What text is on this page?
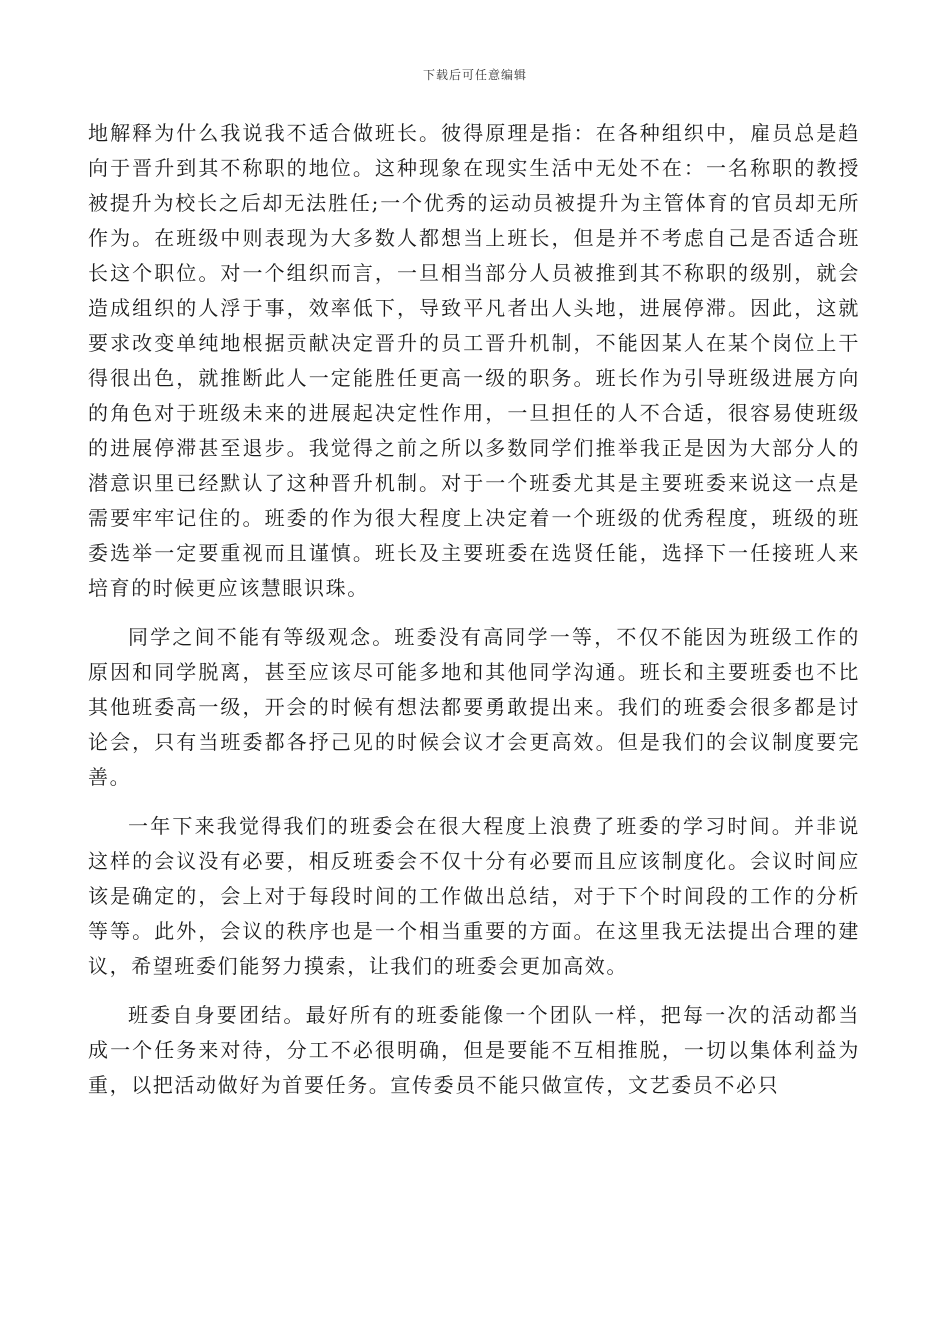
下载后可任意编辑

地解释为什么我说我不适合做班长。彼得原理是指：在各种组织中，雇员总是趋向于晋升到其不称职的地位。这种现象在现实生活中无处不在：一名称职的教授被提升为校长之后却无法胜任;一个优秀的运动员被提升为主管体育的官员却无所作为。在班级中则表现为大多数人都想当上班长，但是并不考虑自己是否适合班长这个职位。对一个组织而言，一旦相当部分人员被推到其不称职的级别，就会造成组织的人浮于事，效率低下，导致平凡者出人头地，进展停滞。因此，这就要求改变单纯地根据贡献决定晋升的员工晋升机制，不能因某人在某个岗位上干得很出色，就推断此人一定能胜任更高一级的职务。班长作为引导班级进展方向的角色对于班级未来的进展起决定性作用，一旦担任的人不合适，很容易使班级的进展停滞甚至退步。我觉得之前之所以多数同学们推举我正是因为大部分人的潜意识里已经默认了这种晋升机制。对于一个班委尤其是主要班委来说这一点是需要牢牢记住的。班委的作为很大程度上决定着一个班级的优秀程度，班级的班委选举一定要重视而且谨慎。班长及主要班委在选贤任能，选择下一任接班人来培育的时候更应该慧眼识珠。

同学之间不能有等级观念。班委没有高同学一等，不仅不能因为班级工作的原因和同学脱离，甚至应该尽可能多地和其他同学沟通。班长和主要班委也不比其他班委高一级，开会的时候有想法都要勇敢提出来。我们的班委会很多都是讨论会，只有当班委都各抒己见的时候会议才会更高效。但是我们的会议制度要完善。

一年下来我觉得我们的班委会在很大程度上浪费了班委的学习时间。并非说这样的会议没有必要，相反班委会不仅十分有必要而且应该制度化。会议时间应该是确定的，会上对于每段时间的工作做出总结，对于下个时间段的工作的分析等等。此外，会议的秩序也是一个相当重要的方面。在这里我无法提出合理的建议，希望班委们能努力摸索，让我们的班委会更加高效。

班委自身要团结。最好所有的班委能像一个团队一样，把每一次的活动都当成一个任务来对待，分工不必很明确，但是要能不互相推脱，一切以集体利益为重，以把活动做好为首要任务。宣传委员不能只做宣传，文艺委员不必只
